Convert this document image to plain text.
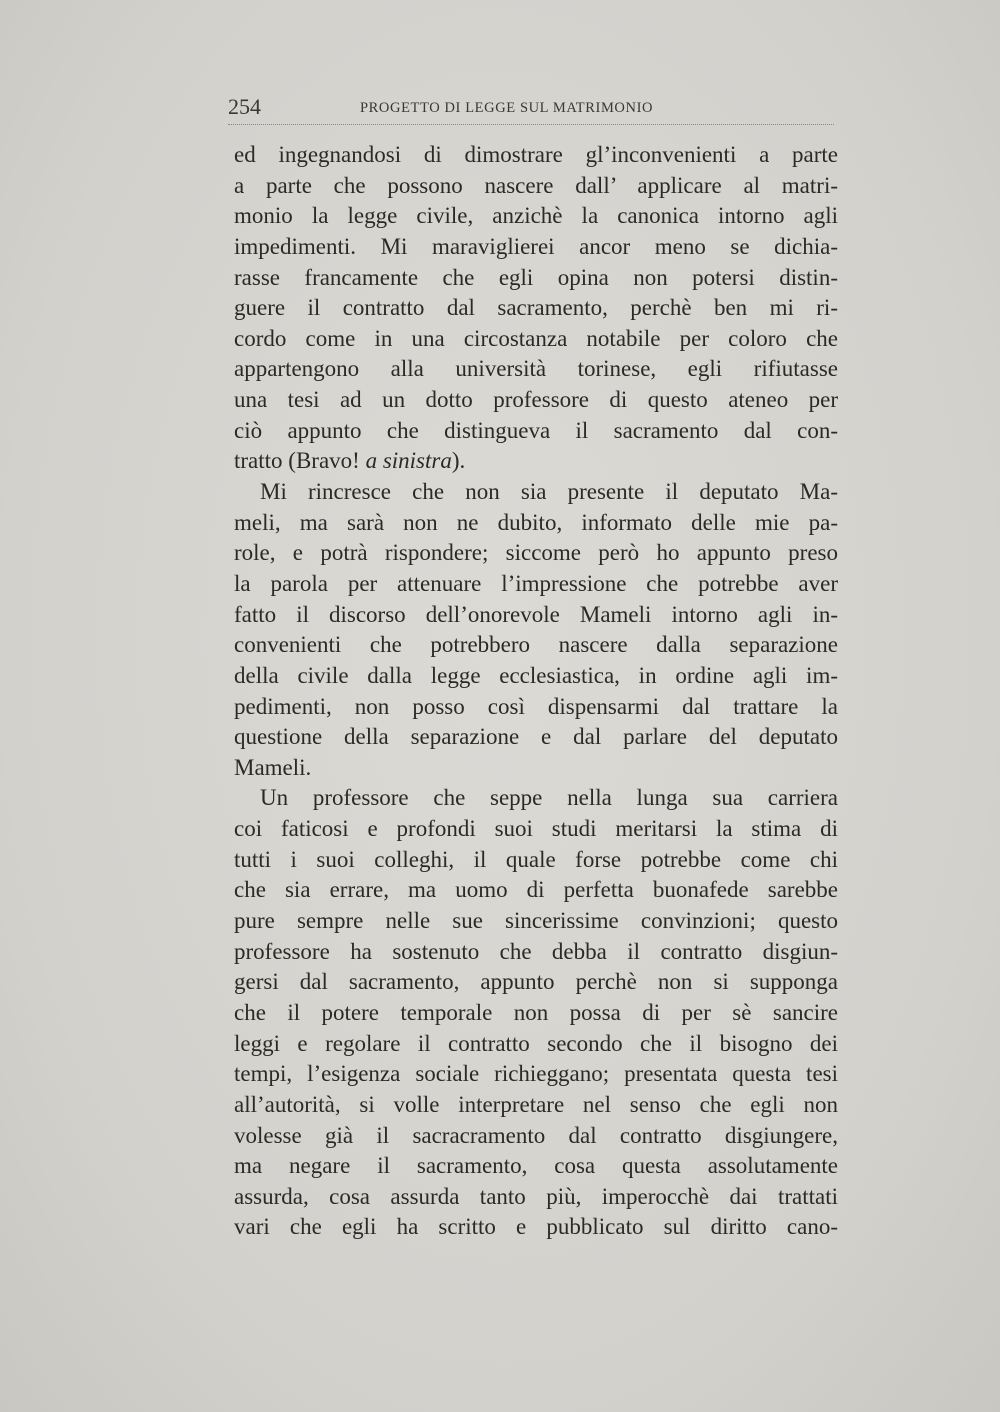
254	PROGETTO DI LEGGE SUL MATRIMONIO
ed ingegnandosi di dimostrare gl’inconvenienti a parte
a parte che possono nascere dall’ applicare al matri-
monio la legge civile, anzichè la canonica intorno agli
impedimenti. Mi maraviglierei ancor meno se dichia-
rasse francamente che egli opina non potersi distin-
guere il contratto dal sacramento, perchè ben mi ri-
cordo come in una circostanza notabile per coloro che
appartengono alla università torinese, egli rifiutasse
una tesi ad un dotto professore di questo ateneo per
ciò appunto che distingueva il sacramento dal con-
tratto (Bravo! a sinistra).
Mi rincresce che non sia presente il deputato Ma-
meli, ma sarà non ne dubito, informato delle mie pa-
role, e potrà rispondere; siccome però ho appunto preso
la parola per attenuare l’impressione che potrebbe aver
fatto il discorso dell’onorevole Mameli intorno agli in-
convenienti che potrebbero nascere dalla separazione
della civile dalla legge ecclesiastica, in ordine agli im-
pedimenti, non posso così dispensarmi dal trattare la
questione della separazione e dal parlare del deputato
Mameli.
Un professore che seppe nella lunga sua carriera
coi faticosi e profondi suoi studi meritarsi la stima di
tutti i suoi colleghi, il quale forse potrebbe come chi
che sia errare, ma uomo di perfetta buonafede sarebbe
pure sempre nelle sue sincerissime convinzioni; questo
professore ha sostenuto che debba il contratto disgiun-
gersi dal sacramento, appunto perchè non si supponga
che il potere temporale non possa di per sè sancire
leggi e regolare il contratto secondo che il bisogno dei
tempi, l’esigenza sociale richieggano; presentata questa tesi
all’autorità, si volle interpretare nel senso che egli non
volesse già il sacracramento dal contratto disgiungere,
ma negare il sacramento, cosa questa assolutamente
assurda, cosa assurda tanto più, imperocchè dai trattati
vari che egli ha scritto e pubblicato sul diritto cano-
